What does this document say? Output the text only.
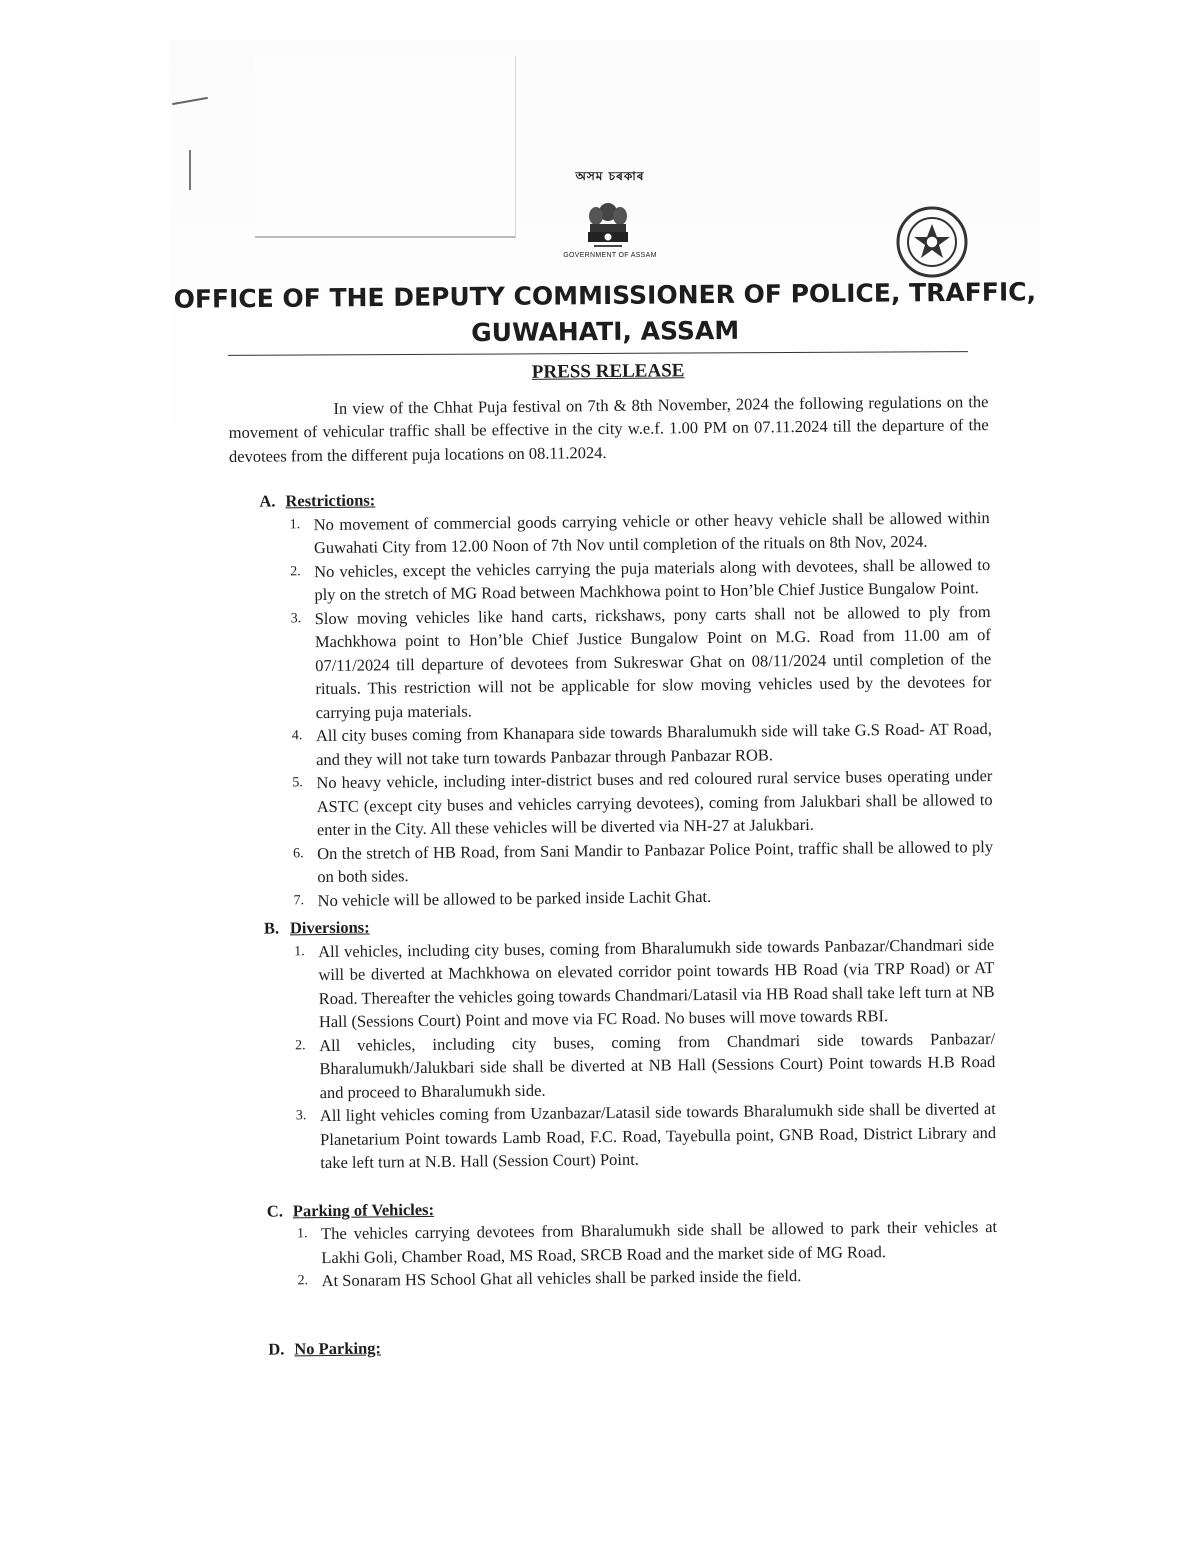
অসম চৰকাৰ
GOVERNMENT OF ASSAM
OFFICE OF THE DEPUTY COMMISSIONER OF POLICE, TRAFFIC,
GUWAHATI, ASSAM
PRESS RELEASE

In view of the Chhat Puja festival on 7th & 8th November, 2024 the following regulations on the movement of vehicular traffic shall be effective in the city w.e.f. 1.00 PM on 07.11.2024 till the departure of the devotees from the different puja locations on 08.11.2024.

A. Restrictions:
1. No movement of commercial goods carrying vehicle or other heavy vehicle shall be allowed within Guwahati City from 12.00 Noon of 7th Nov until completion of the rituals on 8th Nov, 2024.
2. No vehicles, except the vehicles carrying the puja materials along with devotees, shall be allowed to ply on the stretch of MG Road between Machkhowa point to Hon’ble Chief Justice Bungalow Point.
3. Slow moving vehicles like hand carts, rickshaws, pony carts shall not be allowed to ply from Machkhowa point to Hon’ble Chief Justice Bungalow Point on M.G. Road from 11.00 am of 07/11/2024 till departure of devotees from Sukreswar Ghat on 08/11/2024 until completion of the rituals. This restriction will not be applicable for slow moving vehicles used by the devotees for carrying puja materials.
4. All city buses coming from Khanapara side towards Bharalumukh side will take G.S Road- AT Road, and they will not take turn towards Panbazar through Panbazar ROB.
5. No heavy vehicle, including inter-district buses and red coloured rural service buses operating under ASTC (except city buses and vehicles carrying devotees), coming from Jalukbari shall be allowed to enter in the City. All these vehicles will be diverted via NH-27 at Jalukbari.
6. On the stretch of HB Road, from Sani Mandir to Panbazar Police Point, traffic shall be allowed to ply on both sides.
7. No vehicle will be allowed to be parked inside Lachit Ghat.
B. Diversions:
1. All vehicles, including city buses, coming from Bharalumukh side towards Panbazar/Chandmari side will be diverted at Machkhowa on elevated corridor point towards HB Road (via TRP Road) or AT Road. Thereafter the vehicles going towards Chandmari/Latasil via HB Road shall take left turn at NB Hall (Sessions Court) Point and move via FC Road. No buses will move towards RBI.
2. All vehicles, including city buses, coming from Chandmari side towards Panbazar/ Bharalumukh/Jalukbari side shall be diverted at NB Hall (Sessions Court) Point towards H.B Road and proceed to Bharalumukh side.
3. All light vehicles coming from Uzanbazar/Latasil side towards Bharalumukh side shall be diverted at Planetarium Point towards Lamb Road, F.C. Road, Tayebulla point, GNB Road, District Library and take left turn at N.B. Hall (Session Court) Point.
C. Parking of Vehicles:
1. The vehicles carrying devotees from Bharalumukh side shall be allowed to park their vehicles at Lakhi Goli, Chamber Road, MS Road, SRCB Road and the market side of MG Road.
2. At Sonaram HS School Ghat all vehicles shall be parked inside the field.
D. No Parking:
